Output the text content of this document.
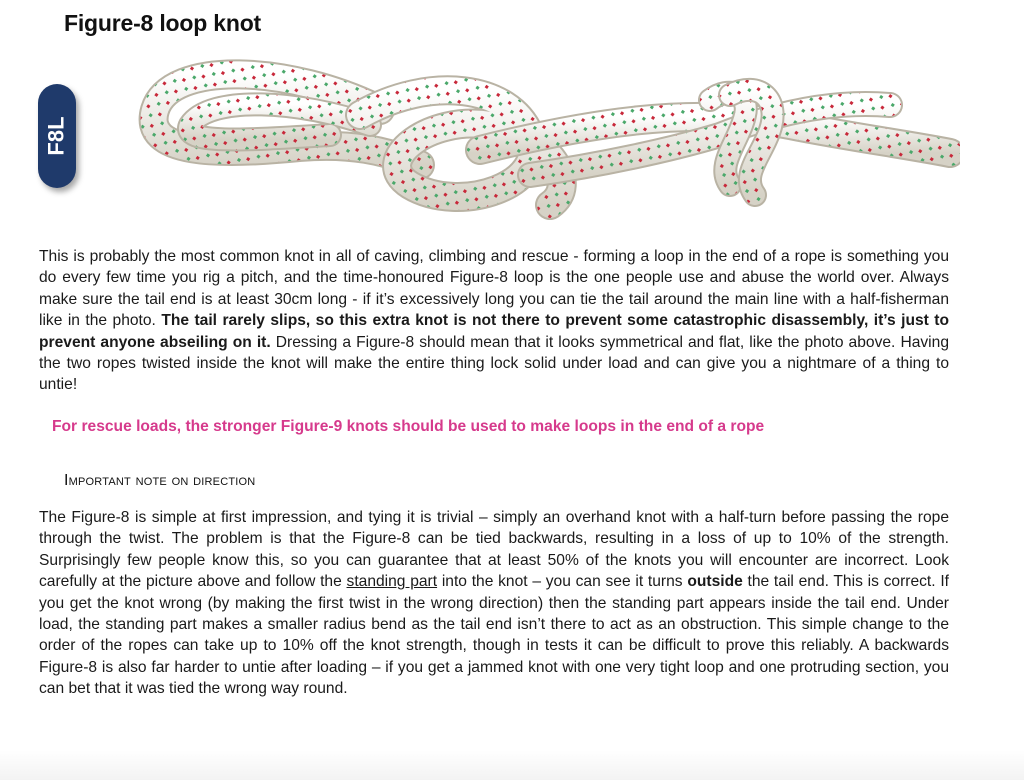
Figure-8 loop knot
F8L

This is probably the most common knot in all of caving, climbing and rescue - forming a loop in the end of a rope is something you do every few time you rig a pitch, and the time-honoured Figure-8 loop is the one people use and abuse the world over. Always make sure the tail end is at least 30cm long - if it’s excessively long you can tie the tail around the main line with a half-fisherman like in the photo. The tail rarely slips, so this extra knot is not there to prevent some catastrophic disassembly, it’s just to prevent anyone abseiling on it. Dressing a Figure-8 should mean that it looks symmetrical and flat, like the photo above. Having the two ropes twisted inside the knot will make the entire thing lock solid under load and can give you a nightmare of a thing to untie!

For rescue loads, the stronger Figure-9 knots should be used to make loops in the end of a rope
Important note on direction

The Figure-8 is simple at first impression, and tying it is trivial – simply an overhand knot with a half-turn before passing the rope through the twist. The problem is that the Figure-8 can be tied backwards, resulting in a loss of up to 10% of the strength. Surprisingly few people know this, so you can guarantee that at least 50% of the knots you will encounter are incorrect. Look carefully at the picture above and follow the standing part into the knot – you can see it turns outside the tail end. This is correct. If you get the knot wrong (by making the first twist in the wrong direction) then the standing part appears inside the tail end. Under load, the standing part makes a smaller radius bend as the tail end isn’t there to act as an obstruction. This simple change to the order of the ropes can take up to 10% off the knot strength, though in tests it can be difficult to prove this reliably. A backwards Figure-8 is also far harder to untie after loading – if you get a jammed knot with one very tight loop and one protruding section, you can bet that it was tied the wrong way round.
